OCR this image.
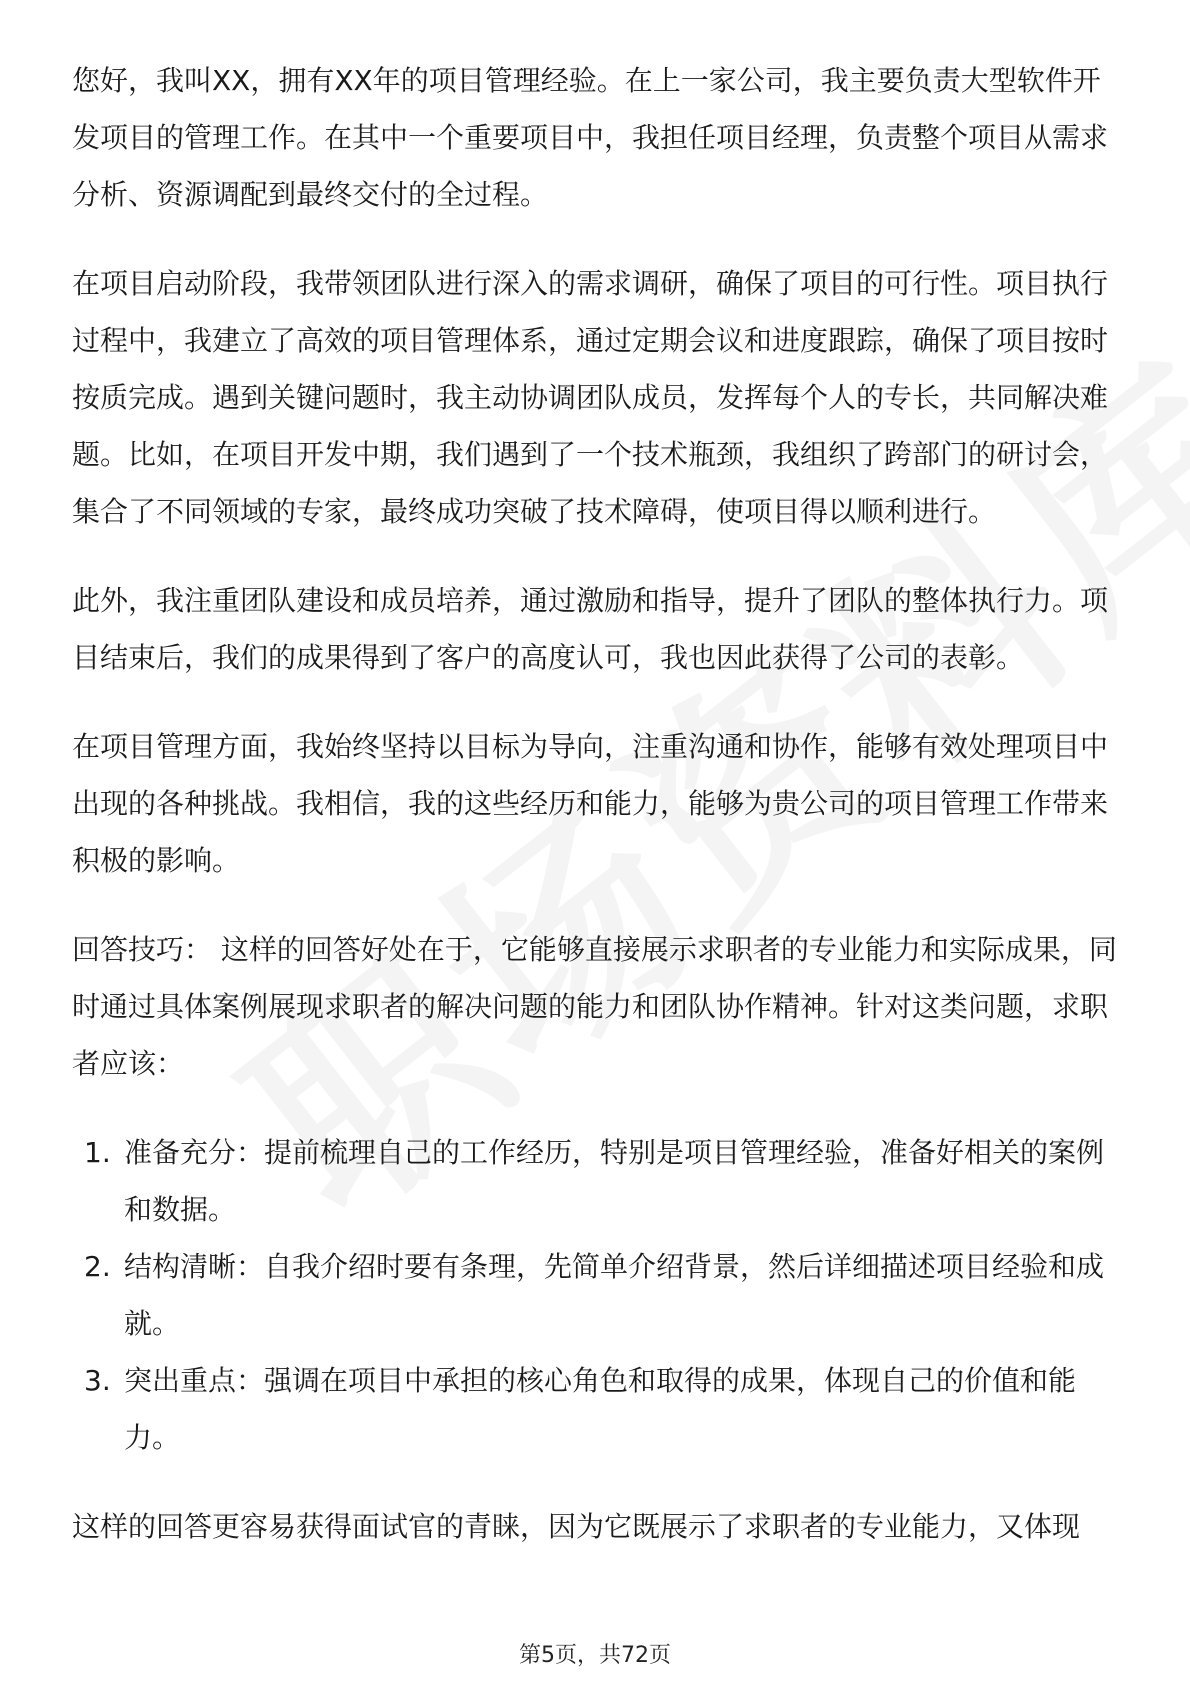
您好，我叫XX，拥有XX年的项目管理经验。在上一家公司，我主要负责大型软件开发项目的管理工作。在其中一个重要项目中，我担任项目经理，负责整个项目从需求分析、资源调配到最终交付的全过程。

在项目启动阶段，我带领团队进行深入的需求调研，确保了项目的可行性。项目执行过程中，我建立了高效的项目管理体系，通过定期会议和进度跟踪，确保了项目按时按质完成。遇到关键问题时，我主动协调团队成员，发挥每个人的专长，共同解决难题。比如，在项目开发中期，我们遇到了一个技术瓶颈，我组织了跨部门的研讨会，集合了不同领域的专家，最终成功突破了技术障碍，使项目得以顺利进行。

此外，我注重团队建设和成员培养，通过激励和指导，提升了团队的整体执行力。项目结束后，我们的成果得到了客户的高度认可，我也因此获得了公司的表彰。

在项目管理方面，我始终坚持以目标为导向，注重沟通和协作，能够有效处理项目中出现的各种挑战。我相信，我的这些经历和能力，能够为贵公司的项目管理工作带来积极的影响。

回答技巧： 这样的回答好处在于，它能够直接展示求职者的专业能力和实际成果，同时通过具体案例展现求职者的解决问题的能力和团队协作精神。针对这类问题，求职者应该：

1. 准备充分：提前梳理自己的工作经历，特别是项目管理经验，准备好相关的案例和数据。
2. 结构清晰：自我介绍时要有条理，先简单介绍背景，然后详细描述项目经验和成就。
3. 突出重点：强调在项目中承担的核心角色和取得的成果，体现自己的价值和能力。

这样的回答更容易获得面试官的青睐，因为它既展示了求职者的专业能力，又体现

第5页，共72页
